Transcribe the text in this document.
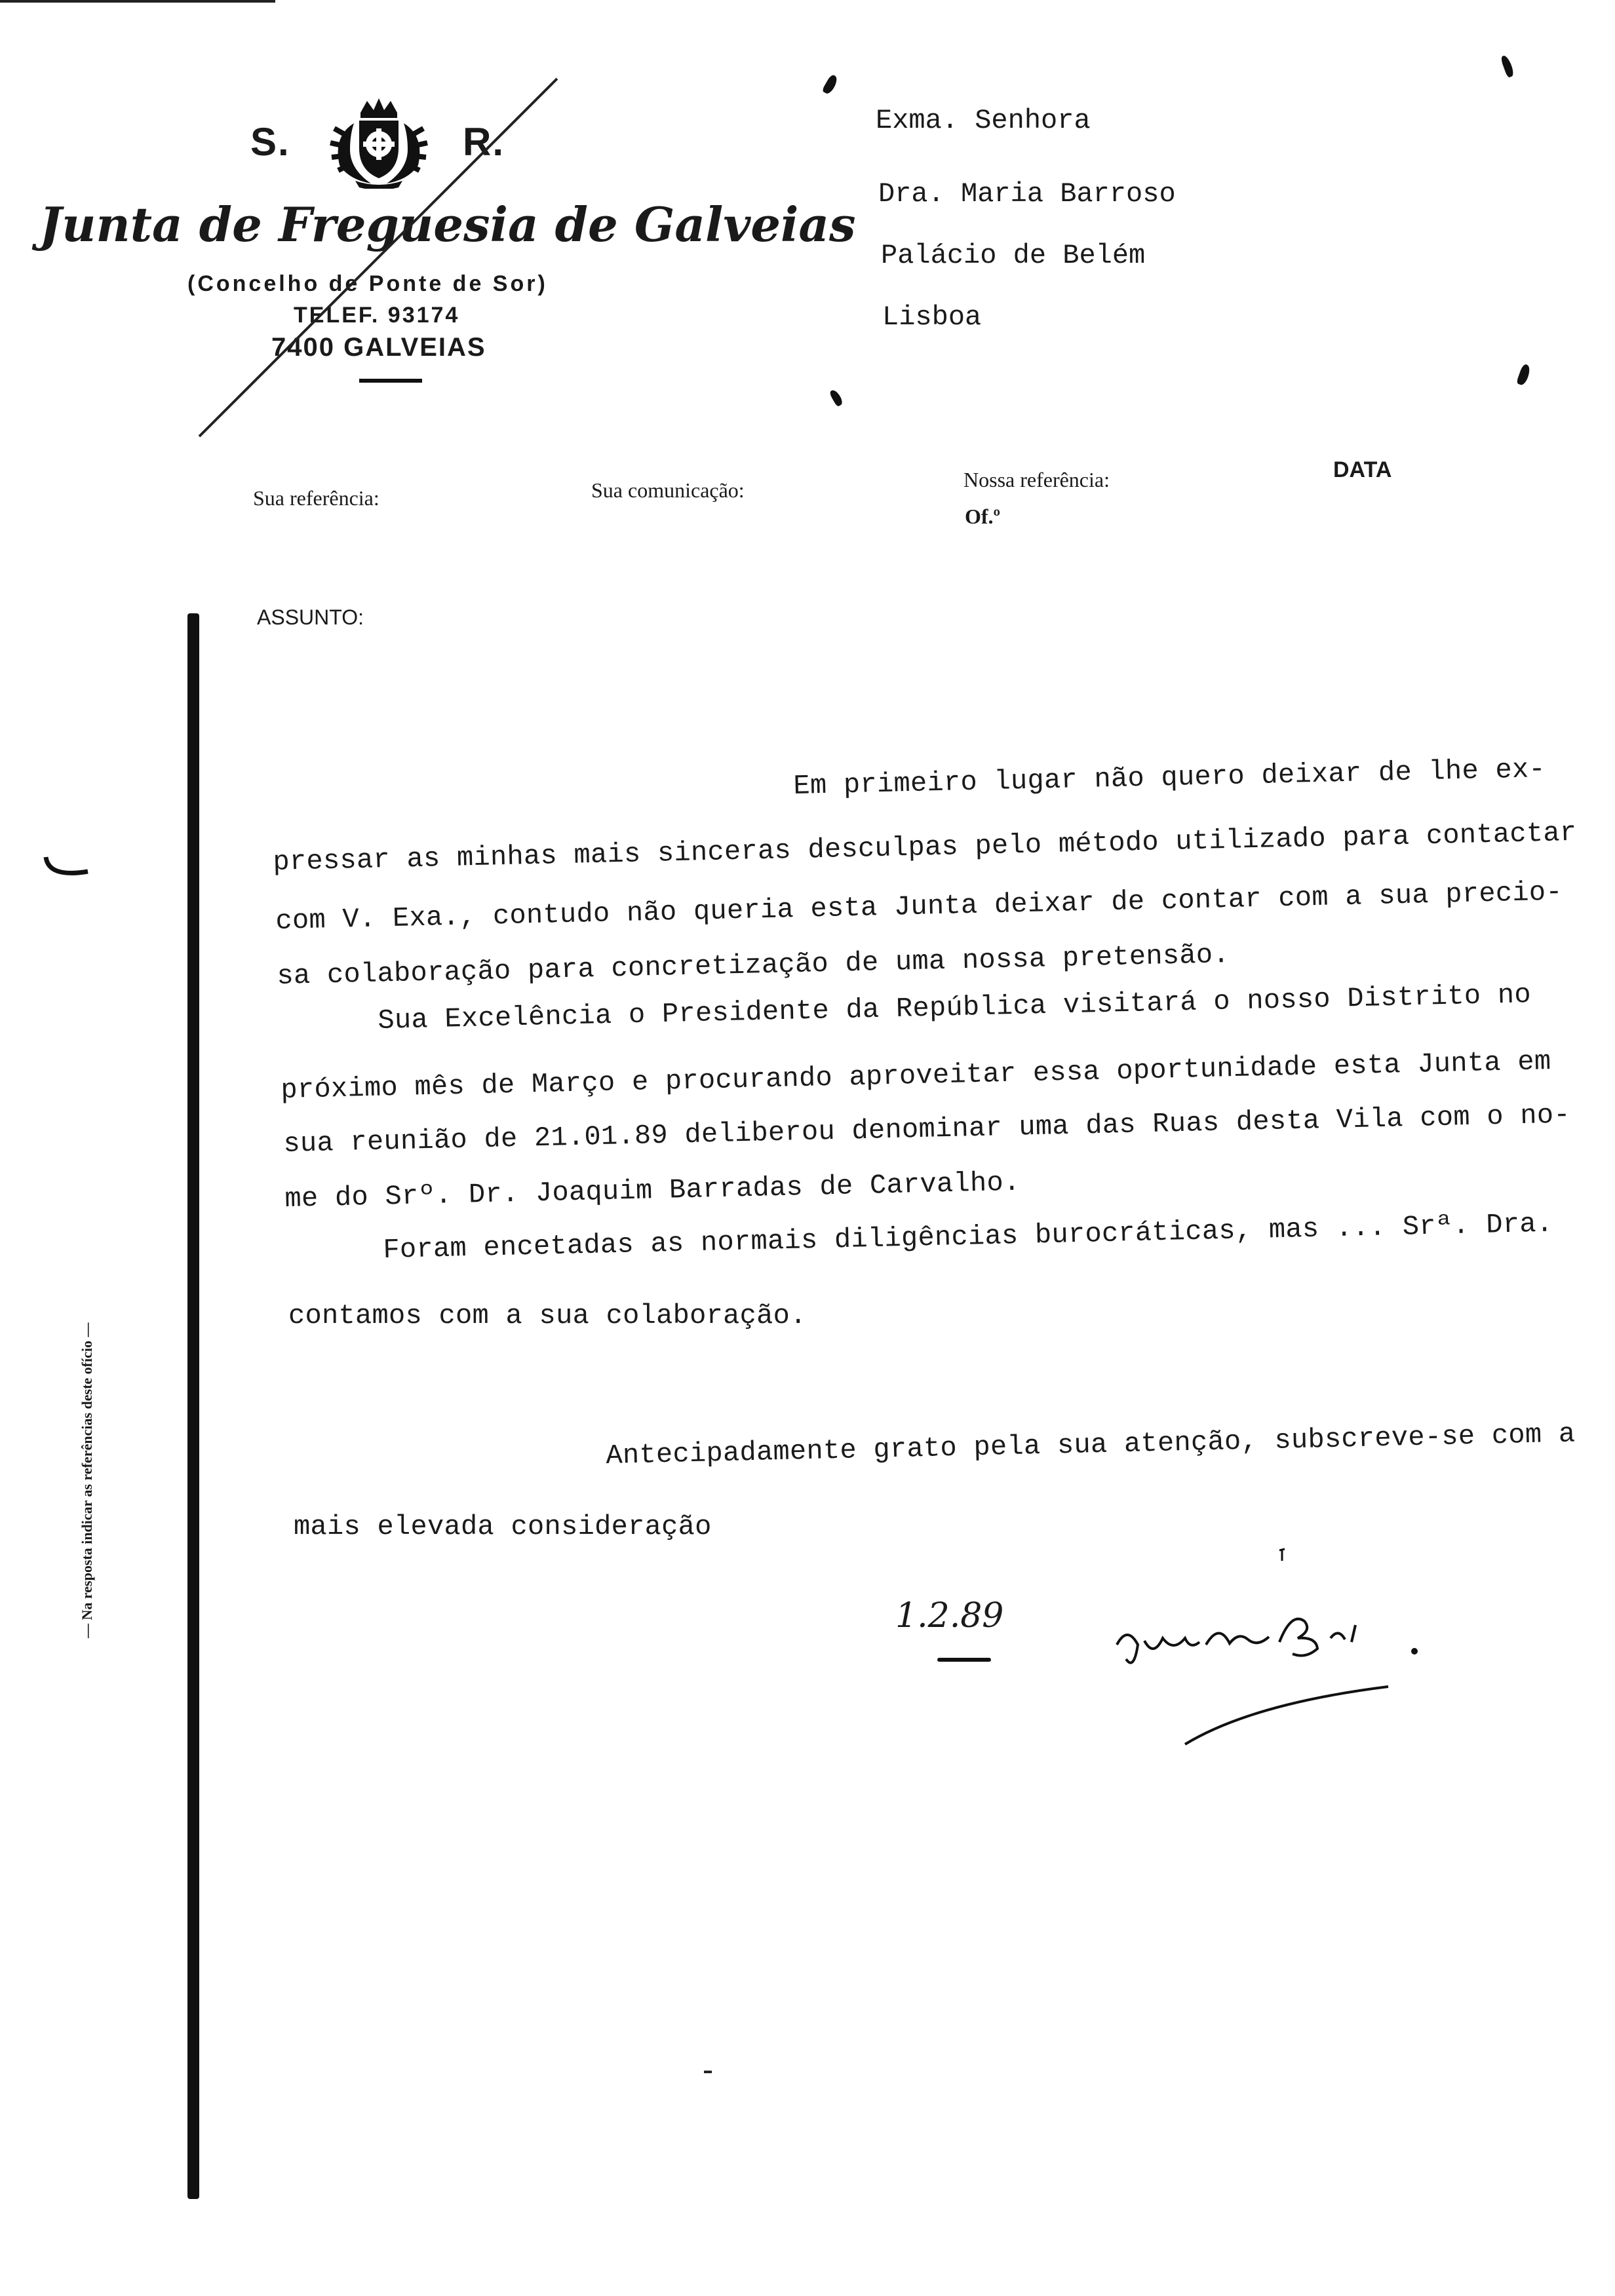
S.	R.
Junta de Freguesia de Galveias
(Concelho de Ponte de Sor)
TELEF. 93174
7400 GALVEIAS
Exma. Senhora
Dra. Maria Barroso
Palácio de Belém
Lisboa
Sua referência:	Sua comunicação:	Nossa referência:
Of.º
DATA
ASSUNTO:
Em primeiro lugar não quero deixar de lhe ex-
pressar as minhas mais sinceras desculpas pelo método utilizado para contactar
com V. Exa., contudo não queria esta Junta deixar de contar com a sua precio-
sa colaboração para concretização de uma nossa pretensão.
Sua Excelência o Presidente da República visitará o nosso Distrito no
próximo mês de Março e procurando aproveitar essa oportunidade esta Junta em
sua reunião de 21.01.89 deliberou denominar uma das Ruas desta Vila com o no-
me do Srº. Dr. Joaquim Barradas de Carvalho.
Foram encetadas as normais diligências burocráticas, mas ... Srª. Dra.
contamos com a sua colaboração.
Antecipadamente grato pela sua atenção, subscreve-se com a
mais elevada consideração
— Na resposta indicar as referências deste ofício —	1.2.89
